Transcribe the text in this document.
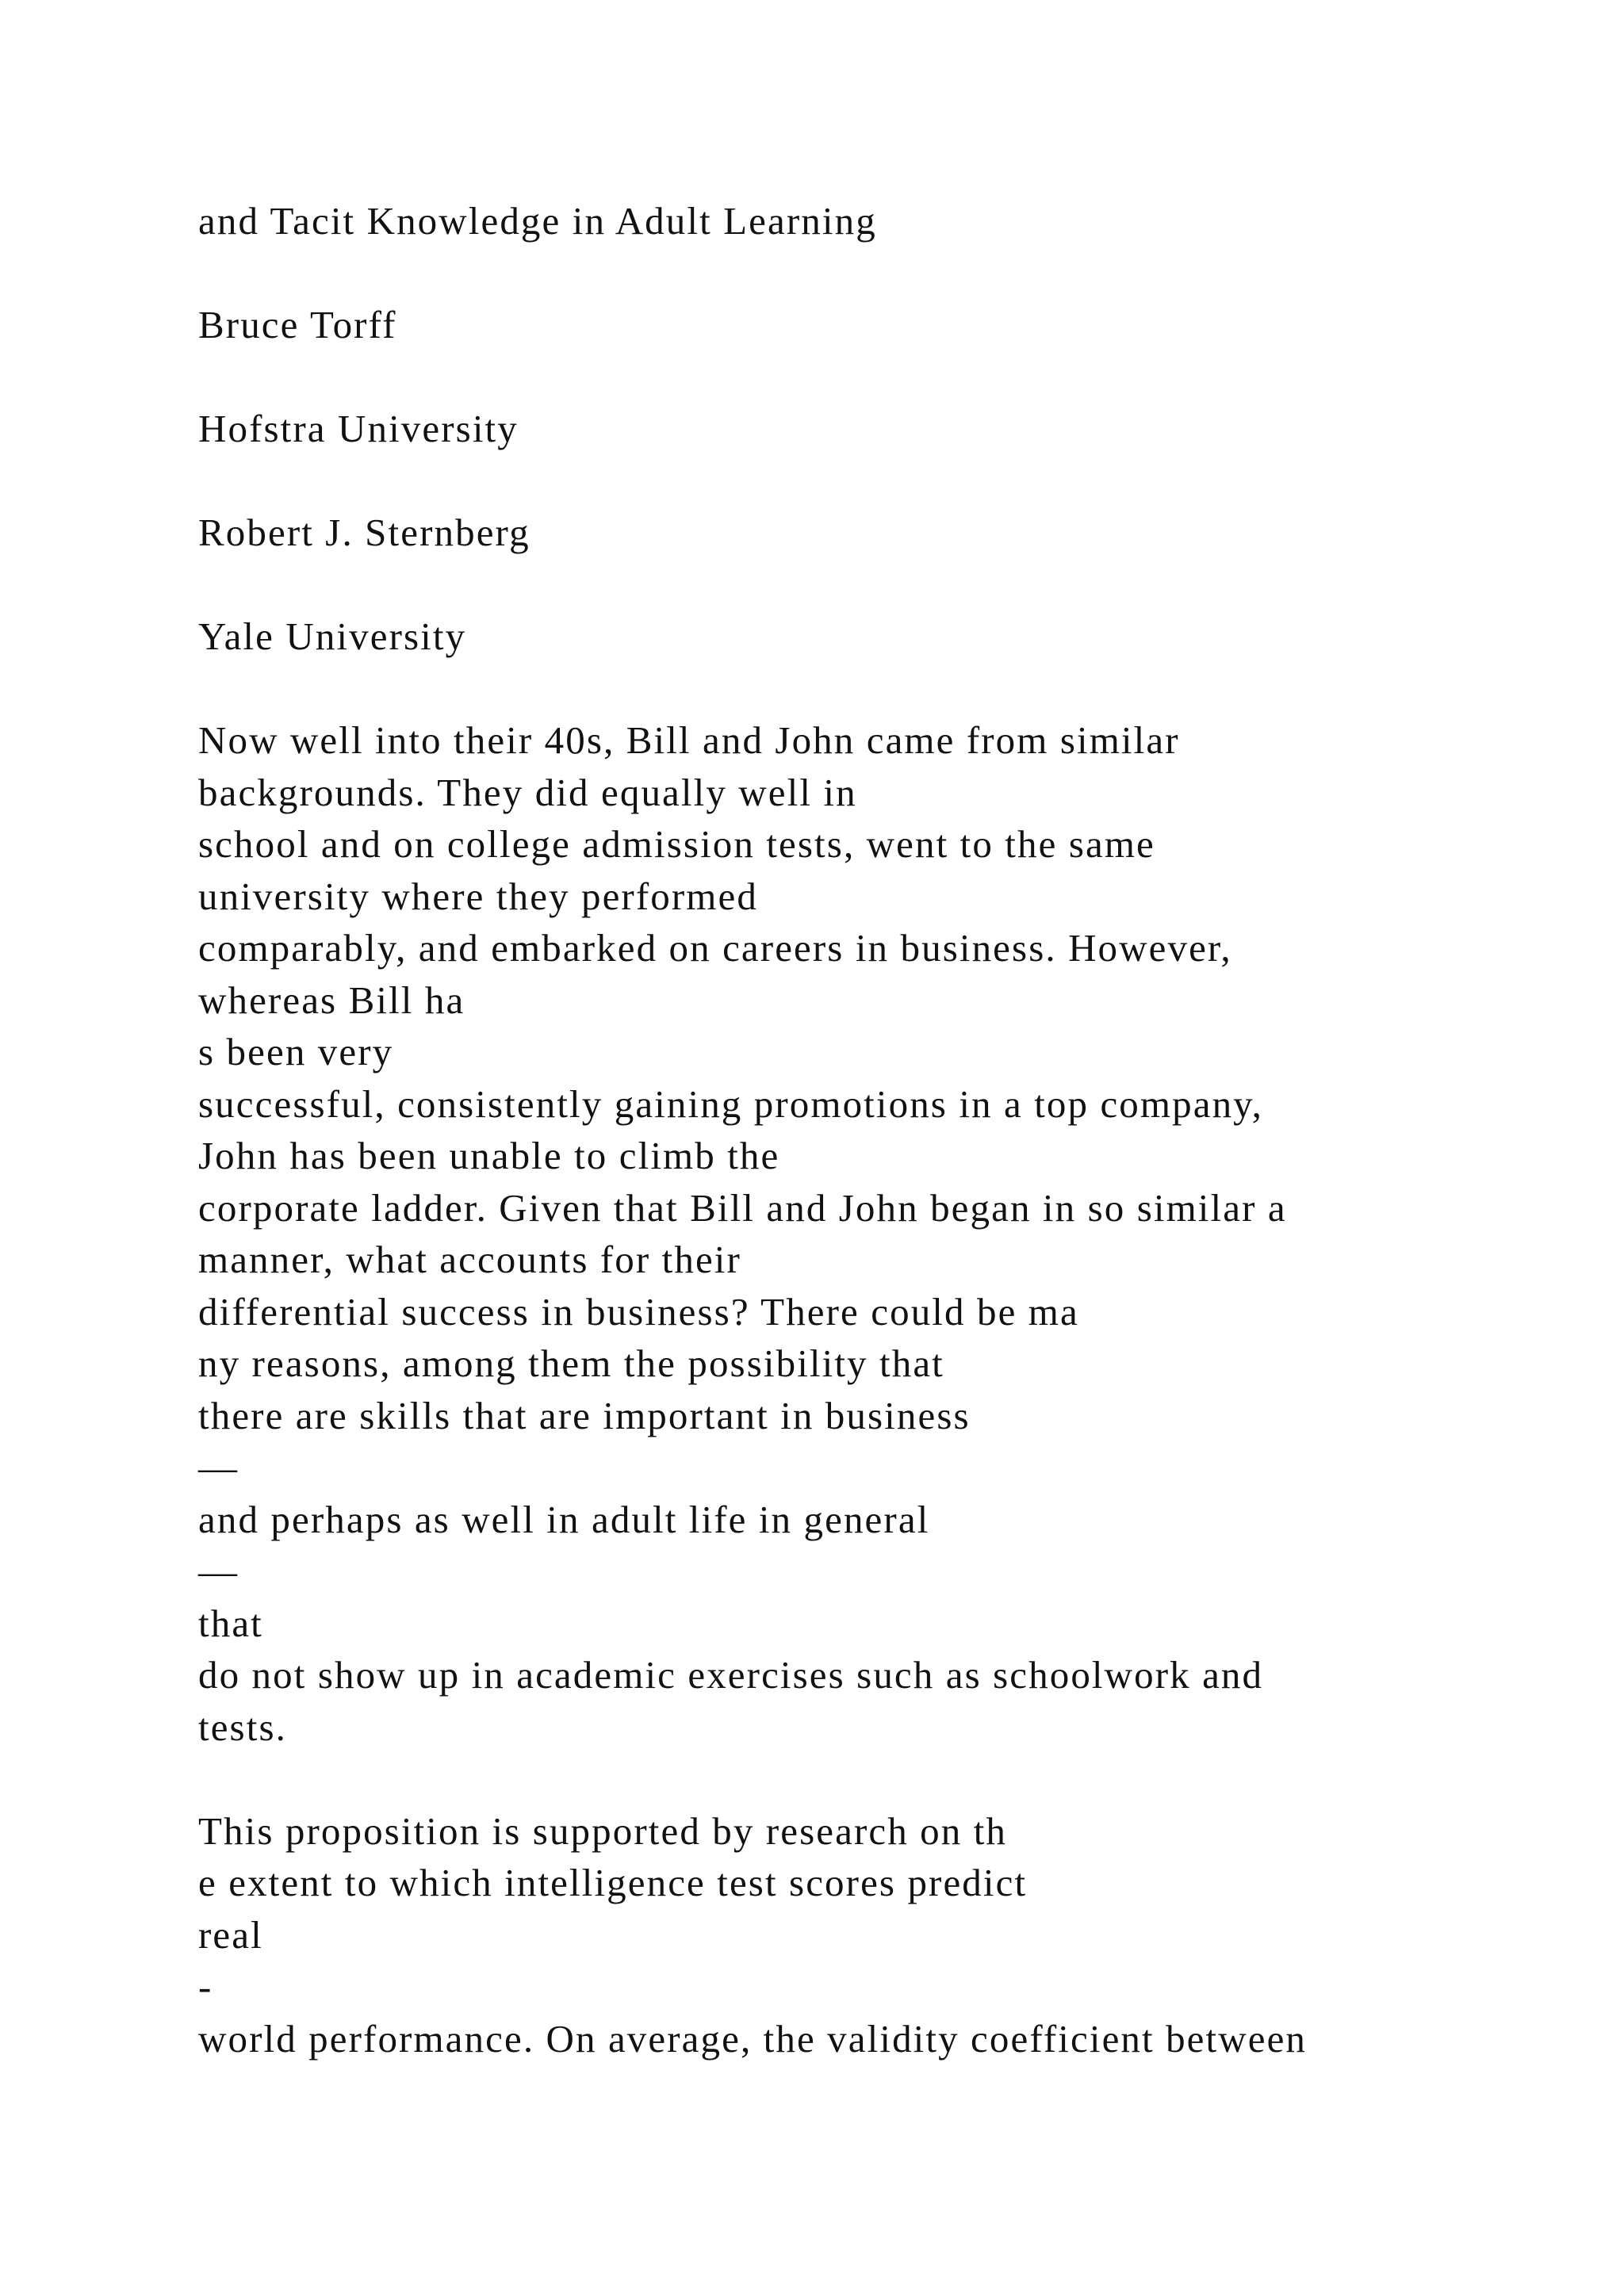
and Tacit Knowledge in Adult Learning
Bruce Torff
Hofstra University
Robert J. Sternberg
Yale University
Now well into their 40s, Bill and John came from similar
backgrounds. They did equally well in
school and on college admission tests, went to the same
university where they performed
comparably, and embarked on careers in business. However,
whereas Bill ha
s been very
successful, consistently gaining promotions in a top company,
John has been unable to climb the
corporate ladder. Given that Bill and John began in so similar a
manner, what accounts for their
differential success in business? There could be ma
ny reasons, among them the possibility that
there are skills that are important in business
—
and perhaps as well in adult life in general
—
that
do not show up in academic exercises such as schoolwork and
tests.
This proposition is supported by research on th
e extent to which intelligence test scores predict
real
-
world performance. On average, the validity coefficient between
